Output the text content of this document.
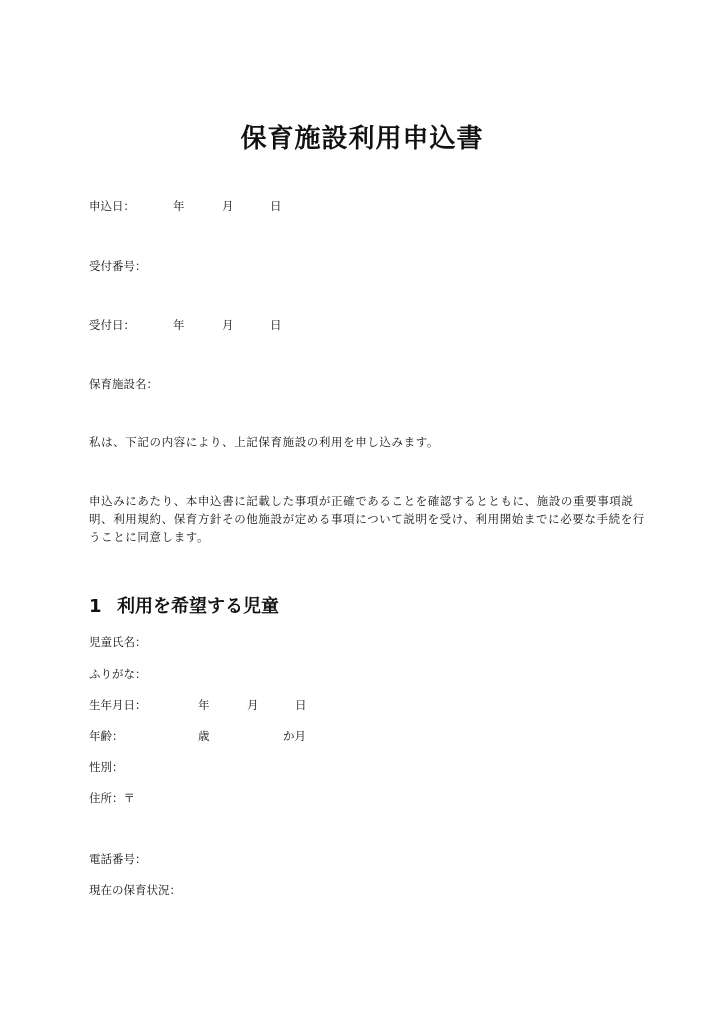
保育施設利用申込書
申込日：	年	月	日
受付番号：
受付日：	年	月	日
保育施設名：
私は、下記の内容により、上記保育施設の利用を申し込みます。
申込みにあたり、本申込書に記載した事項が正確であることを確認するとともに、施設の重要事項説明、利用規約、保育方針その他施設が定める事項について説明を受け、利用開始までに必要な手続を行うことに同意します。
1 利用を希望する児童
児童氏名：
ふりがな：
生年月日：	年	月	日
年齢：	歳	か月
性別：
住所：〒
電話番号：
現在の保育状況：
